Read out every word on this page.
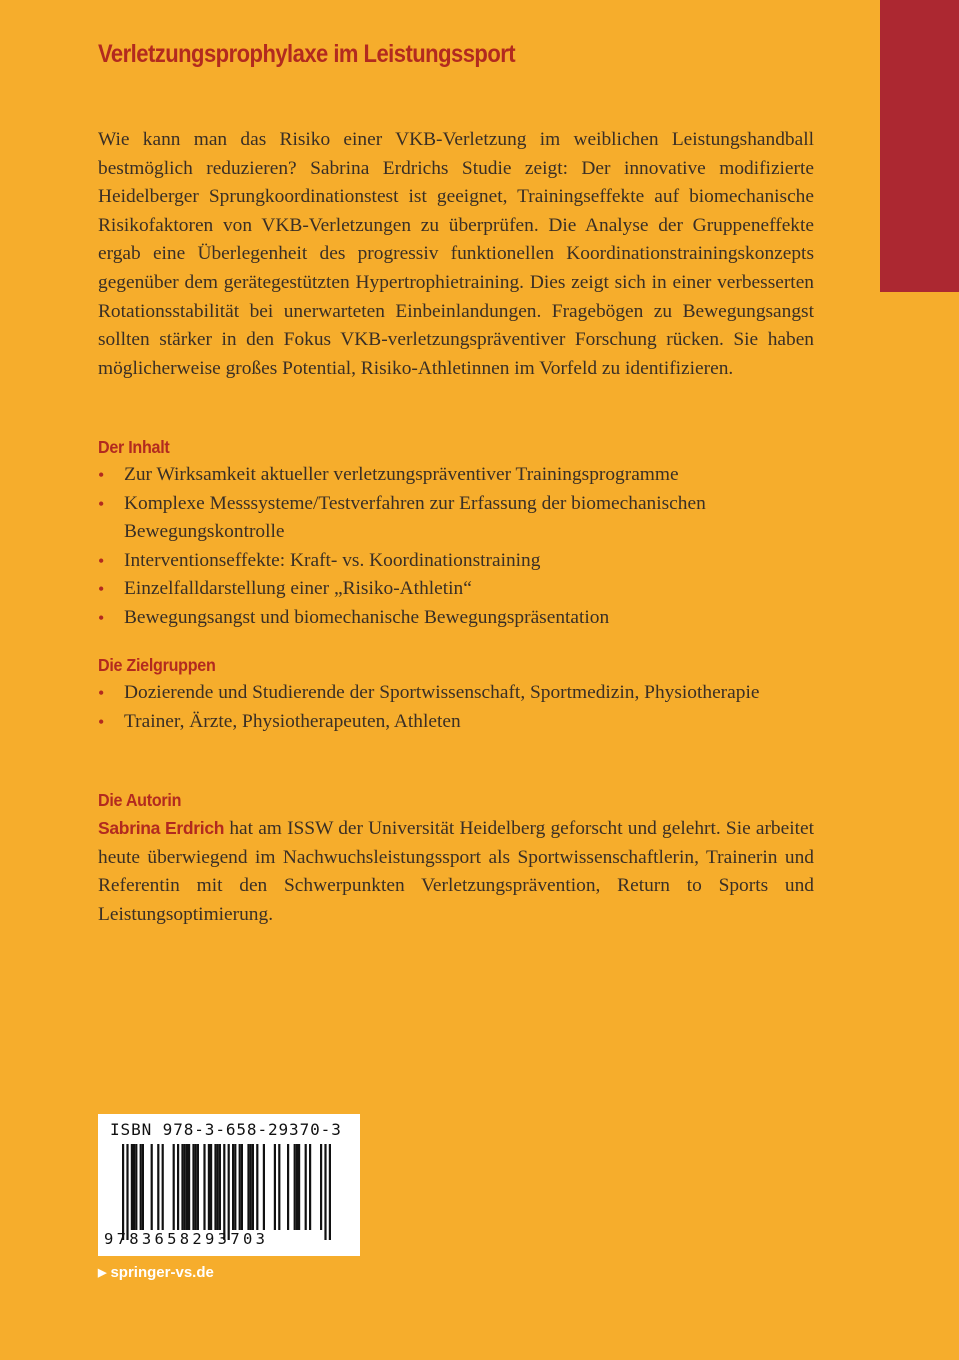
Verletzungsprophylaxe im Leistungssport
Wie kann man das Risiko einer VKB-Verletzung im weiblichen Leistungshandball bestmöglich reduzieren? Sabrina Erdrichs Studie zeigt: Der innovative modifizierte Heidelberger Sprungkoordinationstest ist geeignet, Trainingseffekte auf biomechanische Risikofaktoren von VKB-Verletzungen zu überprüfen. Die Analyse der Gruppeneffekte ergab eine Überlegenheit des progressiv funktionellen Koordinationstrainingskonzepts gegenüber dem gerätegestützten Hypertrophietraining. Dies zeigt sich in einer verbesserten Rotationsstabilität bei unerwarteten Einbeinlandungen. Fragebögen zu Bewegungsangst sollten stärker in den Fokus VKB-verletzungspräventiver Forschung rücken. Sie haben möglicherweise großes Potential, Risiko-Athletinnen im Vorfeld zu identifizieren.
Der Inhalt
• Zur Wirksamkeit aktueller verletzungspräventiver Trainingsprogramme
• Komplexe Messsysteme/Testverfahren zur Erfassung der biomechanischen Bewegungskontrolle
• Interventionseffekte: Kraft- vs. Koordinationstraining
• Einzelfalldarstellung einer „Risiko-Athletin“
• Bewegungsangst und biomechanische Bewegungspräsentation
Die Zielgruppen
• Dozierende und Studierende der Sportwissenschaft, Sportmedizin, Physiotherapie
• Trainer, Ärzte, Physiotherapeuten, Athleten
Die Autorin
Sabrina Erdrich hat am ISSW der Universität Heidelberg geforscht und gelehrt. Sie arbeitet heute überwiegend im Nachwuchsleistungssport als Sportwissenschaftlerin, Trainerin und Referentin mit den Schwerpunkten Verletzungsprävention, Return to Sports und Leistungsoptimierung.
ISBN 978-3-658-29370-3
9783658293703
▶ springer-vs.de
